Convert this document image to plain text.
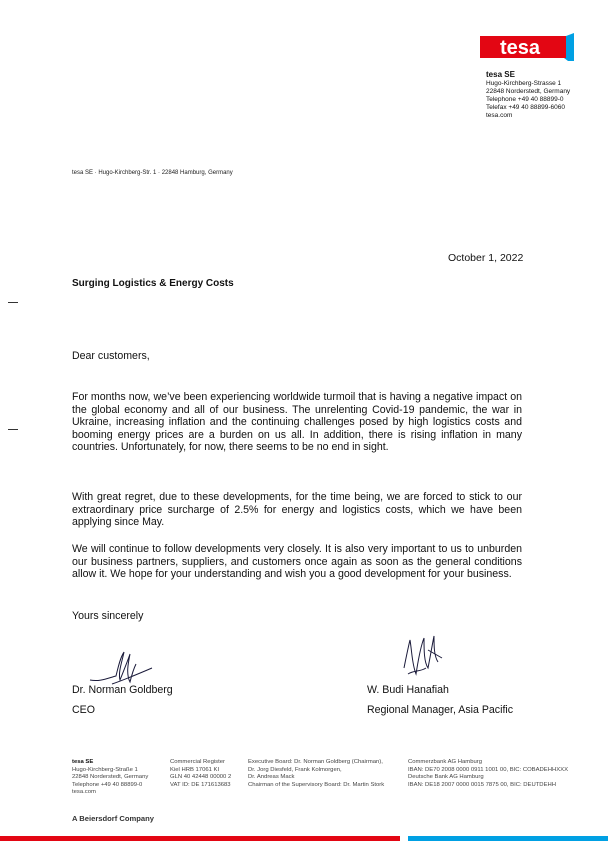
tesa
tesa SE
Hugo-Kirchberg-Strasse 1
22848 Norderstedt, Germany
Telephone +49 40 88899-0
Telefax +49 40 88899-6060
tesa.com
tesa SE · Hugo-Kirchberg-Str. 1 · 22848 Hamburg, Germany
October 1, 2022
Surging Logistics & Energy Costs
Dear customers,
For months now, we’ve been experiencing worldwide turmoil that is having a negative impact on the global economy and all of our business. The unrelenting Covid-19 pandemic, the war in Ukraine, increasing inflation and the continuing challenges posed by high logistics costs and booming energy prices are a burden on us all. In addition, there is rising inflation in many countries. Unfortunately, for now, there seems to be no end in sight.
With great regret, due to these developments, for the time being, we are forced to stick to our extraordinary price surcharge of 2.5% for energy and logistics costs, which we have been applying since May.
We will continue to follow developments very closely. It is also very important to us to unburden our business partners, suppliers, and customers once again as soon as the general conditions allow it. We hope for your understanding and wish you a good development for your business.
Yours sincerely
Dr. Norman Goldberg
CEO
W. Budi Hanafiah
Regional Manager, Asia Pacific
tesa SE
Hugo-Kirchberg-Straße 1
22848 Norderstedt, Germany
Telephone +49 40 88899-0
tesa.com
Commercial Register
Kiel HRB 17061 KI
GLN 40 42448 00000 2
VAT ID: DE 171613683
Executive Board: Dr. Norman Goldberg (Chairman),
Dr. Jorg Diesfeld, Frank Kolmorgen,
Dr. Andreas Mack
Chairman of the Supervisory Board: Dr. Martin Stork
Commerzbank AG Hamburg
IBAN: DE70 2008 0000 0911 1001 00, BIC: COBADEHHXXX
Deutsche Bank AG Hamburg
IBAN: DE18 2007 0000 0015 7875 00, BIC: DEUTDEHH
A Beiersdorf Company
